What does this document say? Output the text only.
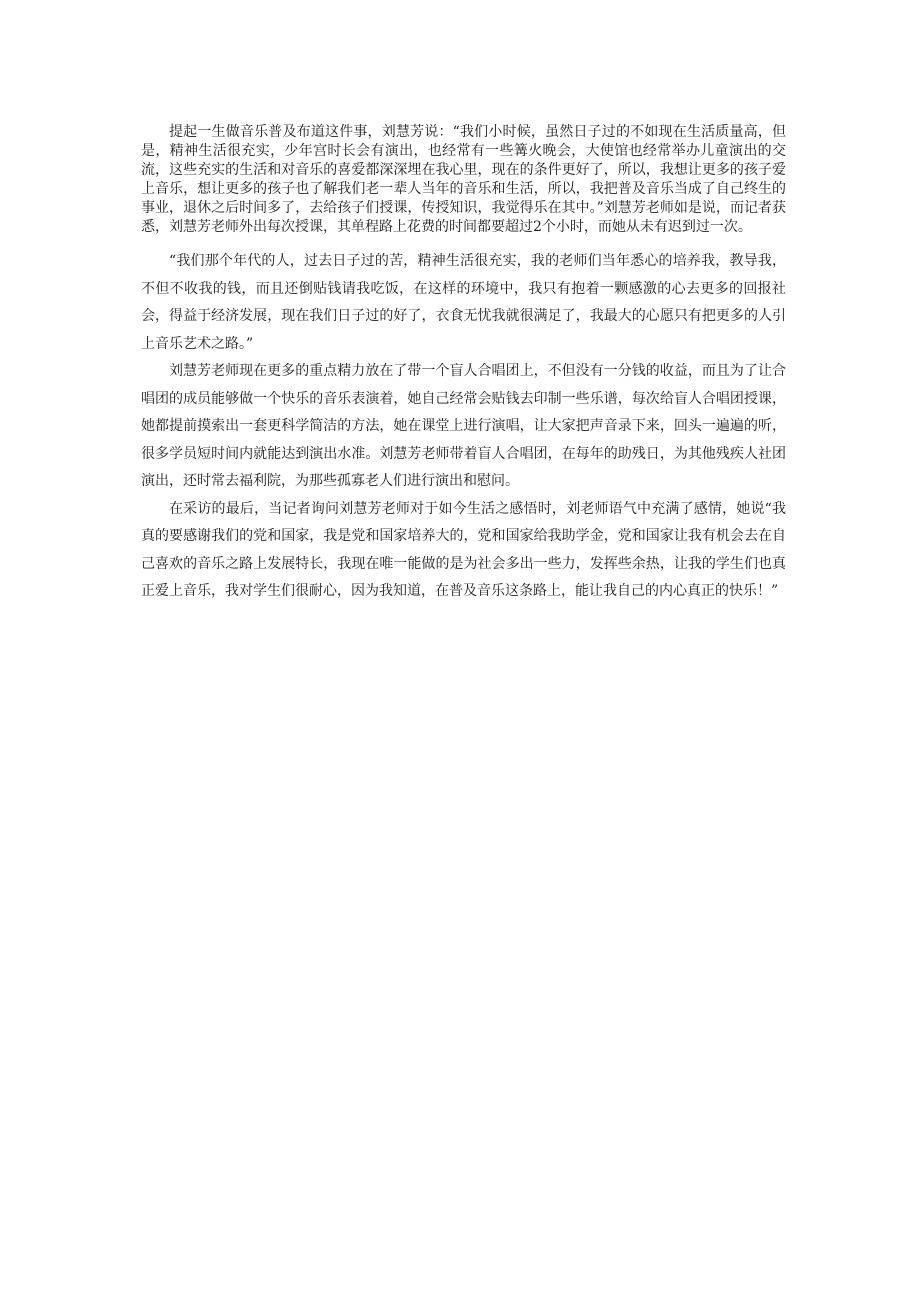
提起一生做音乐普及布道这件事，刘慧芳说：“我们小时候，虽然日子过的不如现在生活质量高，但是，精神生活很充实，少年宫时长会有演出，也经常有一些篝火晚会，大使馆也经常举办儿童演出的交流，这些充实的生活和对音乐的喜爱都深深埋在我心里，现在的条件更好了，所以，我想让更多的孩子爱上音乐，想让更多的孩子也了解我们老一辈人当年的音乐和生活，所以，我把普及音乐当成了自己终生的事业，退休之后时间多了，去给孩子们授课，传授知识，我觉得乐在其中。”刘慧芳老师如是说，而记者获悉，刘慧芳老师外出每次授课，其单程路上花费的时间都要超过2个小时，而她从未有迟到过一次。

“我们那个年代的人，过去日子过的苦，精神生活很充实，我的老师们当年悉心的培养我，教导我，不但不收我的钱，而且还倒贴钱请我吃饭，在这样的环境中，我只有抱着一颗感激的心去更多的回报社会，得益于经济发展，现在我们日子过的好了，衣食无忧我就很满足了，我最大的心愿只有把更多的人引上音乐艺术之路。”

刘慧芳老师现在更多的重点精力放在了带一个盲人合唱团上，不但没有一分钱的收益，而且为了让合唱团的成员能够做一个快乐的音乐表演着，她自己经常会贴钱去印制一些乐谱，每次给盲人合唱团授课，她都提前摸索出一套更科学简洁的方法，她在课堂上进行演唱，让大家把声音录下来，回头一遍遍的听，很多学员短时间内就能达到演出水准。刘慧芳老师带着盲人合唱团，在每年的助残日，为其他残疾人社团演出，还时常去福利院，为那些孤寡老人们进行演出和慰问。

在采访的最后，当记者询问刘慧芳老师对于如今生活之感悟时，刘老师语气中充满了感情，她说“我真的要感谢我们的党和国家，我是党和国家培养大的，党和国家给我助学金，党和国家让我有机会去在自己喜欢的音乐之路上发展特长，我现在唯一能做的是为社会多出一些力，发挥些余热，让我的学生们也真正爱上音乐，我对学生们很耐心，因为我知道，在普及音乐这条路上，能让我自己的内心真正的快乐！”
